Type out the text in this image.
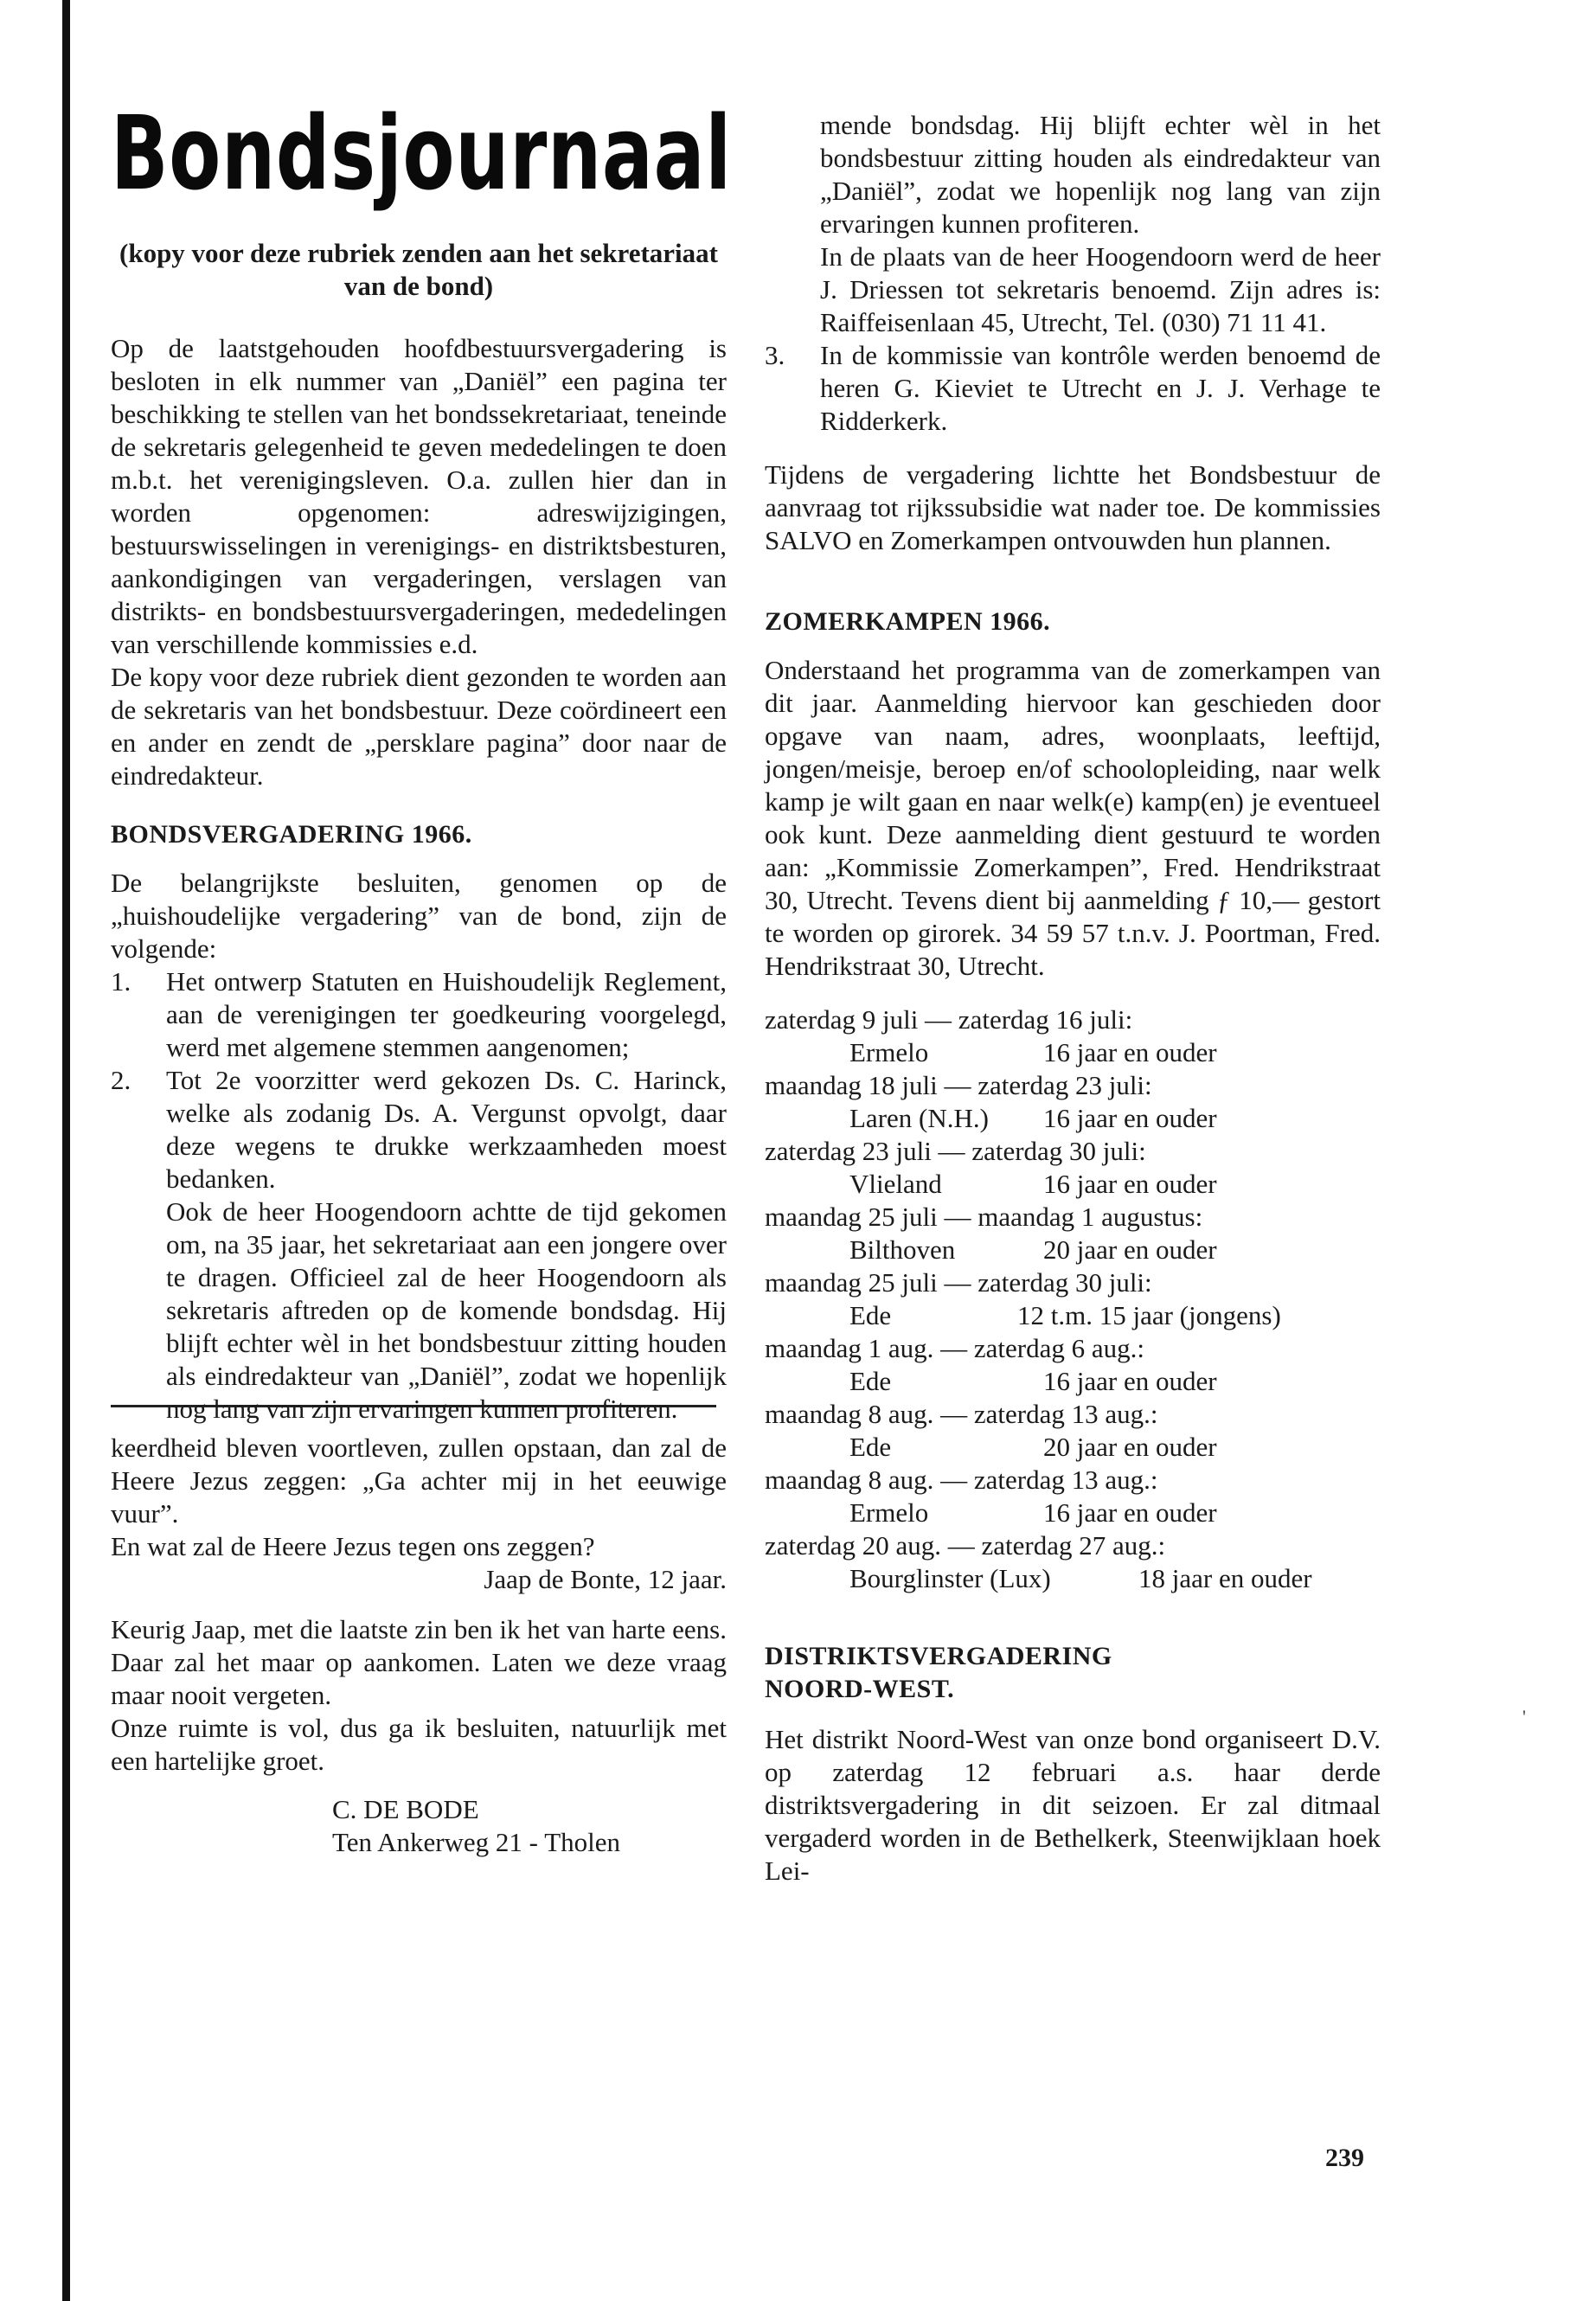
Bondsjournaal

(kopy voor deze rubriek zenden aan het sekretariaat van de bond)

Op de laatstgehouden hoofdbestuursvergadering is besloten in elk nummer van „Daniël” een pagina ter beschikking te stellen van het bondssekretariaat, teneinde de sekretaris gelegenheid te geven mededelingen te doen m.b.t. het verenigingsleven. O.a. zullen hier dan in worden opgenomen: adreswijzigingen, bestuurswisselingen in verenigings- en distriktsbesturen, aankondigingen van vergaderingen, verslagen van distrikts- en bondsbestuursvergaderingen, mededelingen van verschillende kommissies e.d.

De kopy voor deze rubriek dient gezonden te worden aan de sekretaris van het bondsbestuur. Deze coördineert een en ander en zendt de „persklare pagina” door naar de eindredakteur.

BONDSVERGADERING 1966.

De belangrijkste besluiten, genomen op de „huishoudelijke vergadering” van de bond, zijn de volgende:

1. Het ontwerp Statuten en Huishoudelijk Reglement, aan de verenigingen ter goedkeuring voorgelegd, werd met algemene stemmen aangenomen;
2. Tot 2e voorzitter werd gekozen Ds. C. Harinck, welke als zodanig Ds. A. Vergunst opvolgt, daar deze wegens te drukke werkzaamheden moest bedanken.
Ook de heer Hoogendoorn achtte de tijd gekomen om, na 35 jaar, het sekretariaat aan een jongere over te dragen. Officieel zal de heer Hoogendoorn als sekretaris aftreden op de komende bondsdag. Hij blijft echter wèl in het bondsbestuur zitting houden als eindredakteur van „Daniël”, zodat we hopenlijk nog lang van zijn ervaringen kunnen profiteren.

keerdheid bleven voortleven, zullen opstaan, dan zal de Heere Jezus zeggen: „Ga achter mij in het eeuwige vuur”.

En wat zal de Heere Jezus tegen ons zeggen?

Jaap de Bonte, 12 jaar.

Keurig Jaap, met die laatste zin ben ik het van harte eens. Daar zal het maar op aankomen. Laten we deze vraag maar nooit vergeten.

Onze ruimte is vol, dus ga ik besluiten, natuurlijk met een hartelijke groet.

C. DE BODE
Ten Ankerweg 21 - Tholen

mende bondsdag. Hij blijft echter wèl in het bondsbestuur zitting houden als eindredakteur van „Daniël”, zodat we hopenlijk nog lang van zijn ervaringen kunnen profiteren.

In de plaats van de heer Hoogendoorn werd de heer J. Driessen tot sekretaris benoemd. Zijn adres is: Raiffeisenlaan 45, Utrecht, Tel. (030) 71 11 41.

3. In de kommissie van kontrôle werden benoemd de heren G. Kieviet te Utrecht en J. J. Verhage te Ridderkerk.

Tijdens de vergadering lichtte het Bondsbestuur de aanvraag tot rijkssubsidie wat nader toe. De kommissies SALVO en Zomerkampen ontvouwden hun plannen.

ZOMERKAMPEN 1966.

Onderstaand het programma van de zomerkampen van dit jaar. Aanmelding hiervoor kan geschieden door opgave van naam, adres, woonplaats, leeftijd, jongen/meisje, beroep en/of schoolopleiding, naar welk kamp je wilt gaan en naar welk(e) kamp(en) je eventueel ook kunt. Deze aanmelding dient gestuurd te worden aan: „Kommissie Zomerkampen”, Fred. Hendrikstraat 30, Utrecht. Tevens dient bij aanmelding ƒ 10,— gestort te worden op girorek. 34 59 57 t.n.v. J. Poortman, Fred. Hendrikstraat 30, Utrecht.

zaterdag 9 juli — zaterdag 16 juli:
Ermelo	16 jaar en ouder
maandag 18 juli — zaterdag 23 juli:
Laren (N.H.)	16 jaar en ouder
zaterdag 23 juli — zaterdag 30 juli:
Vlieland	16 jaar en ouder
maandag 25 juli — maandag 1 augustus:
Bilthoven	20 jaar en ouder
maandag 25 juli — zaterdag 30 juli:
Ede	12 t.m. 15 jaar (jongens)
maandag 1 aug. — zaterdag 6 aug.:
Ede	16 jaar en ouder
maandag 8 aug. — zaterdag 13 aug.:
Ede	20 jaar en ouder
maandag 8 aug. — zaterdag 13 aug.:
Ermelo	16 jaar en ouder
zaterdag 20 aug. — zaterdag 27 aug.:
Bourglinster (Lux)	18 jaar en ouder
DISTRIKTSVERGADERING
NOORD-WEST.

Het distrikt Noord-West van onze bond organiseert D.V. op zaterdag 12 februari a.s. haar derde distriktsvergadering in dit seizoen. Er zal ditmaal vergaderd worden in de Bethelkerk, Steenwijklaan hoek Lei-

239
'
